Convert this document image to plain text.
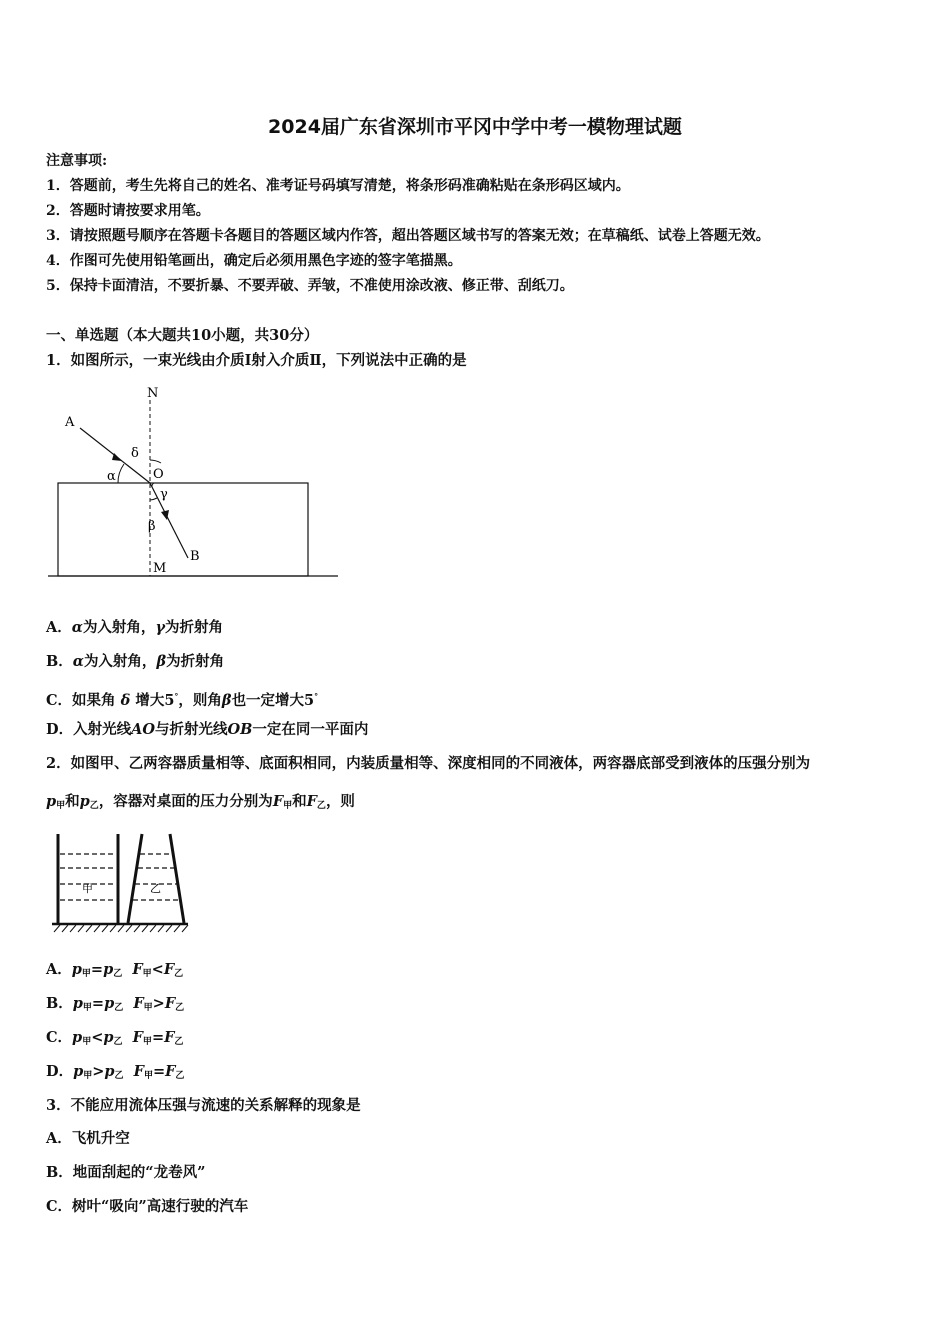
2024届广东省深圳市平冈中学中考一模物理试题
注意事项:
1．答题前，考生先将自己的姓名、准考证号码填写清楚，将条形码准确粘贴在条形码区域内。
2．答题时请按要求用笔。
3．请按照题号顺序在答题卡各题目的答题区域内作答，超出答题区域书写的答案无效；在草稿纸、试卷上答题无效。
4．作图可先使用铅笔画出，确定后必须用黑色字迹的签字笔描黑。
5．保持卡面清洁，不要折暴、不要弄破、弄皱，不准使用涂改液、修正带、刮纸刀。
一、单选题（本大题共10小题，共30分）
1．如图所示，一束光线由介质Ⅰ射入介质Ⅱ，下列说法中正确的是
N
A
δ
O
α
γ
β
B
M
A．α为入射角，γ为折射角
B．α为入射角，β为折射角
C．如果角 δ 增大5°，则角β也一定增大5°
D．入射光线AO与折射光线OB一定在同一平面内
2．如图甲、乙两容器质量相等、底面积相同，内装质量相等、深度相同的不同液体，两容器底部受到液体的压强分别为
$p_甲$和$p_乙$，容器对桌面的压力分别为$F_甲$和$F_乙$，则
甲	乙
A．$p_甲=p_乙$ $F_甲<F_乙$
B．$p_甲=p_乙$ $F_甲>F_乙$
C．$p_甲<p_乙$ $F_甲=F_乙$
D．$p_甲>p_乙$ $F_甲=F_乙$
3．不能应用流体压强与流速的关系解释的现象是
A．飞机升空
B．地面刮起的“龙卷风”
C．树叶“吸向”高速行驶的汽车
